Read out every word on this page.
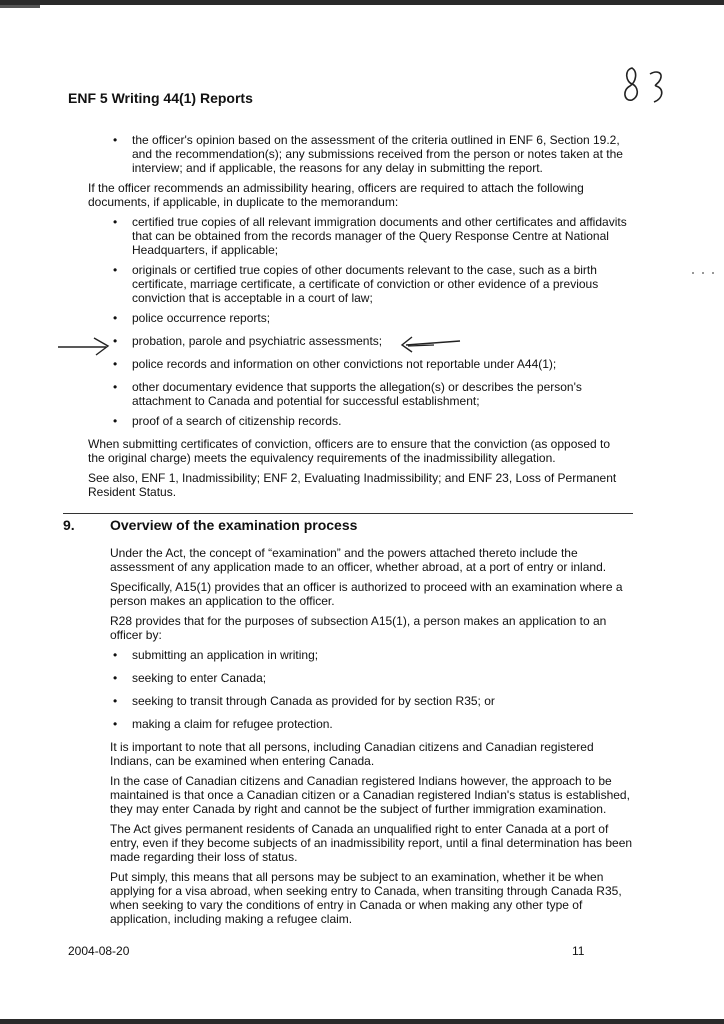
ENF 5 Writing 44(1) Reports
• the officer's opinion based on the assessment of the criteria outlined in ENF 6, Section 19.2, and the recommendation(s); any submissions received from the person or notes taken at the interview; and if applicable, the reasons for any delay in submitting the report.

If the officer recommends an admissibility hearing, officers are required to attach the following documents, if applicable, in duplicate to the memorandum:

• certified true copies of all relevant immigration documents and other certificates and affidavits that can be obtained from the records manager of the Query Response Centre at National Headquarters, if applicable;
• originals or certified true copies of other documents relevant to the case, such as a birth certificate, marriage certificate, a certificate of conviction or other evidence of a previous conviction that is acceptable in a court of law;
• police occurrence reports;
• probation, parole and psychiatric assessments;
• police records and information on other convictions not reportable under A44(1);
• other documentary evidence that supports the allegation(s) or describes the person's attachment to Canada and potential for successful establishment;
• proof of a search of citizenship records.

When submitting certificates of conviction, officers are to ensure that the conviction (as opposed to the original charge) meets the equivalency requirements of the inadmissibility allegation.

See also, ENF 1, Inadmissibility; ENF 2, Evaluating Inadmissibility; and ENF 23, Loss of Permanent Resident Status.

9.	Overview of the examination process

Under the Act, the concept of “examination” and the powers attached thereto include the assessment of any application made to an officer, whether abroad, at a port of entry or inland.

Specifically, A15(1) provides that an officer is authorized to proceed with an examination where a person makes an application to the officer.

R28 provides that for the purposes of subsection A15(1), a person makes an application to an officer by:

• submitting an application in writing;
• seeking to enter Canada;
• seeking to transit through Canada as provided for by section R35; or
• making a claim for refugee protection.

It is important to note that all persons, including Canadian citizens and Canadian registered Indians, can be examined when entering Canada.

In the case of Canadian citizens and Canadian registered Indians however, the approach to be maintained is that once a Canadian citizen or a Canadian registered Indian's status is established, they may enter Canada by right and cannot be the subject of further immigration examination.

The Act gives permanent residents of Canada an unqualified right to enter Canada at a port of entry, even if they become subjects of an inadmissibility report, until a final determination has been made regarding their loss of status.

Put simply, this means that all persons may be subject to an examination, whether it be when applying for a visa abroad, when seeking entry to Canada, when transiting through Canada R35, when seeking to vary the conditions of entry in Canada or when making any other type of application, including making a refugee claim.

2004-08-20	11
